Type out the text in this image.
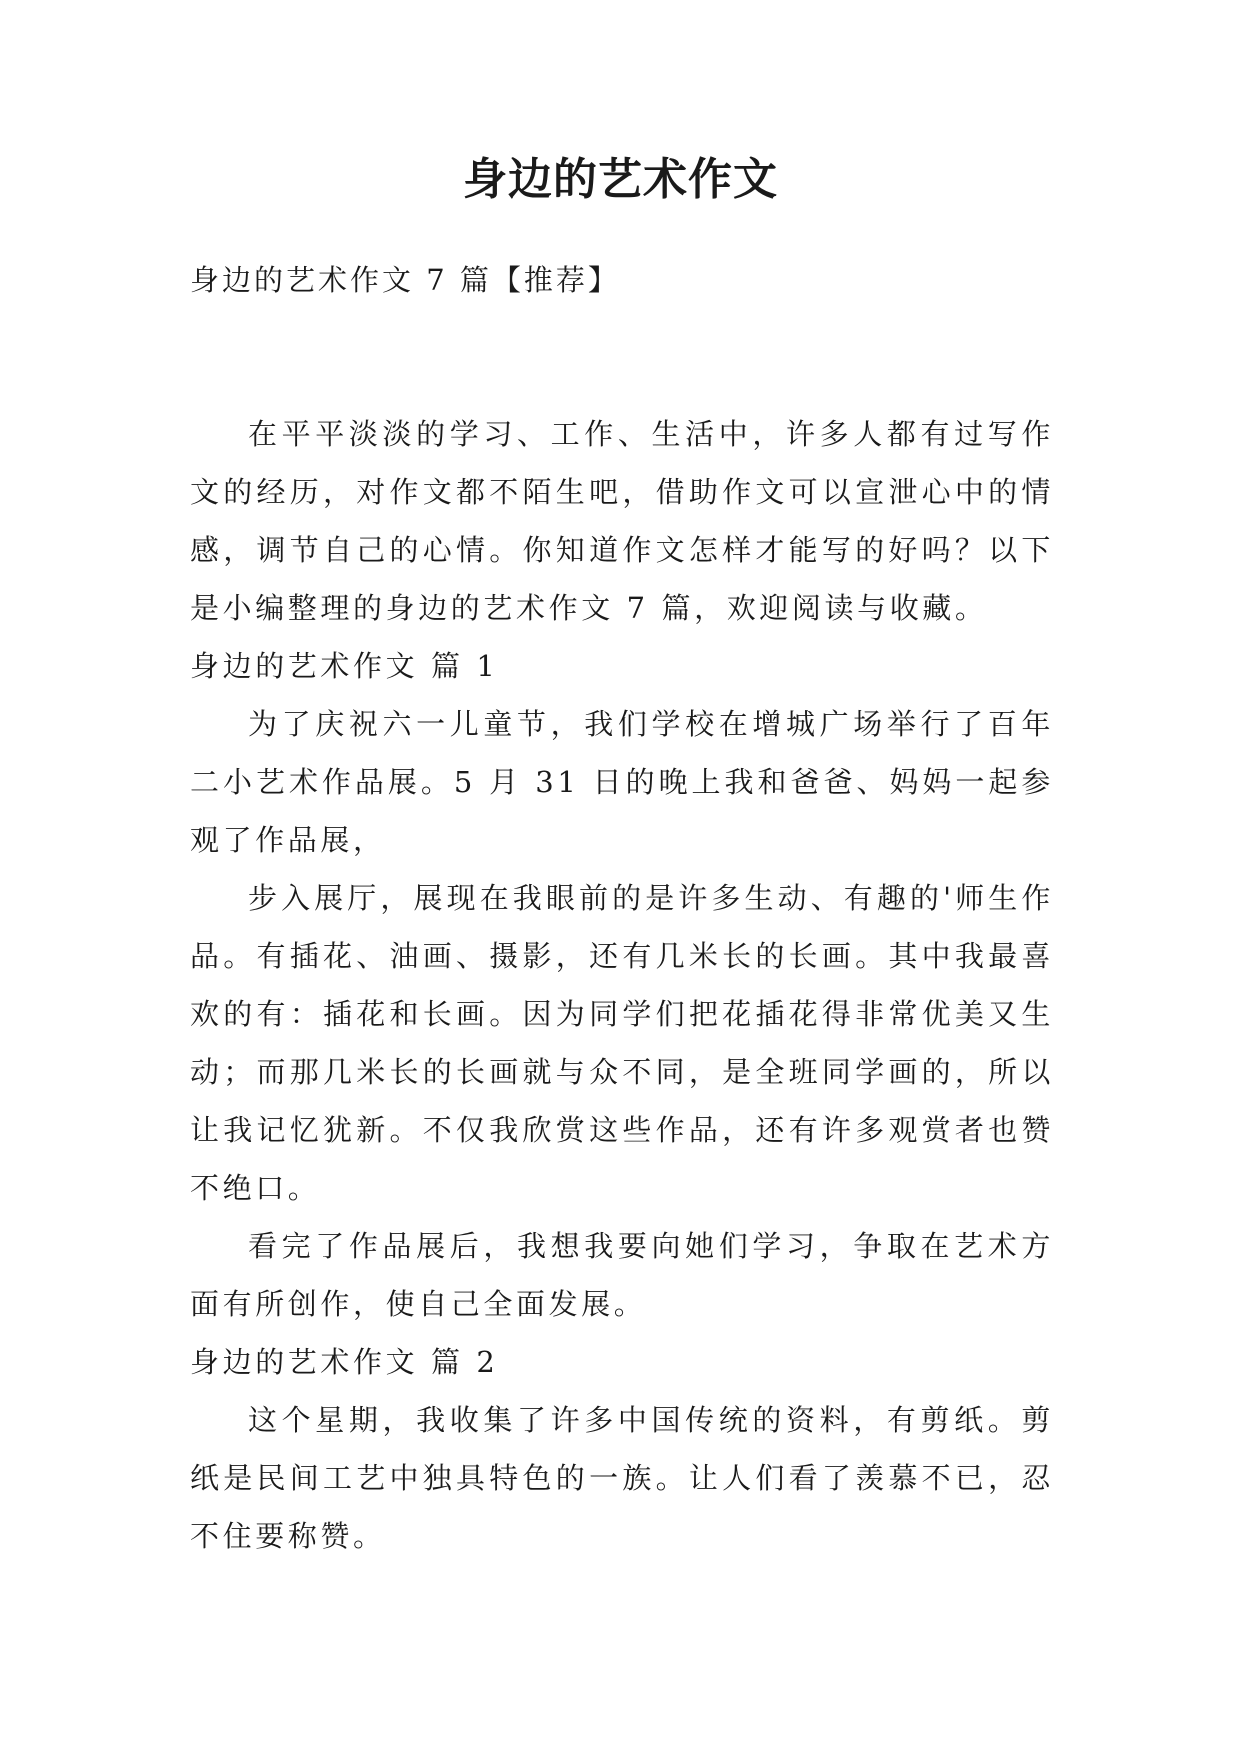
身边的艺术作文

身边的艺术作文 7 篇【推荐】

在平平淡淡的学习、工作、生活中，许多人都有过写作文的经历，对作文都不陌生吧，借助作文可以宣泄心中的情感，调节自己的心情。你知道作文怎样才能写的好吗？以下是小编整理的身边的艺术作文 7 篇，欢迎阅读与收藏。

身边的艺术作文 篇 1

为了庆祝六一儿童节，我们学校在增城广场举行了百年二小艺术作品展。5 月 31 日的晚上我和爸爸、妈妈一起参观了作品展，

步入展厅，展现在我眼前的是许多生动、有趣的'师生作品。有插花、油画、摄影，还有几米长的长画。其中我最喜欢的有：插花和长画。因为同学们把花插花得非常优美又生动；而那几米长的长画就与众不同，是全班同学画的，所以让我记忆犹新。不仅我欣赏这些作品，还有许多观赏者也赞不绝口。

看完了作品展后，我想我要向她们学习，争取在艺术方面有所创作，使自己全面发展。

身边的艺术作文 篇 2

这个星期，我收集了许多中国传统的资料，有剪纸。剪纸是民间工艺中独具特色的一族。让人们看了羡慕不已，忍不住要称赞。
